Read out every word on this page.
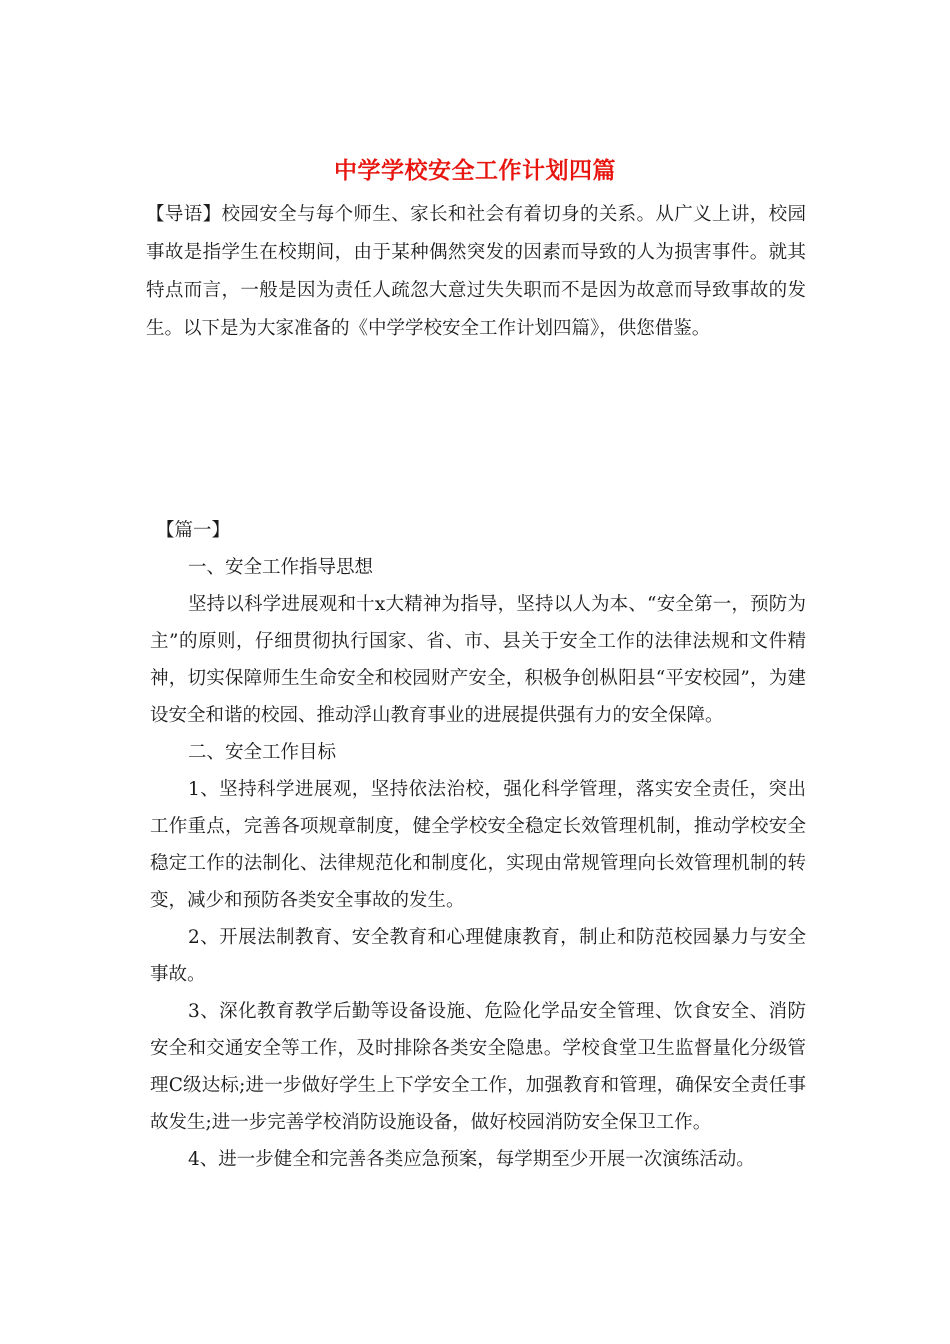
中学学校安全工作计划四篇

【导语】校园安全与每个师生、家长和社会有着切身的关系。从广义上讲，校园事故是指学生在校期间，由于某种偶然突发的因素而导致的人为损害事件。就其特点而言，一般是因为责任人疏忽大意过失失职而不是因为故意而导致事故的发生。以下是为大家准备的《中学学校安全工作计划四篇》，供您借鉴。

【篇一】

一、安全工作指导思想

坚持以科学进展观和十x大精神为指导，坚持以人为本、“安全第一，预防为主”的原则，仔细贯彻执行国家、省、市、县关于安全工作的法律法规和文件精神，切实保障师生生命安全和校园财产安全，积极争创枞阳县“平安校园”，为建设安全和谐的校园、推动浮山教育事业的进展提供强有力的安全保障。

二、安全工作目标

1、坚持科学进展观，坚持依法治校，强化科学管理，落实安全责任，突出工作重点，完善各项规章制度，健全学校安全稳定长效管理机制，推动学校安全稳定工作的法制化、法律规范化和制度化，实现由常规管理向长效管理机制的转变，减少和预防各类安全事故的发生。

2、开展法制教育、安全教育和心理健康教育，制止和防范校园暴力与安全事故。

3、深化教育教学后勤等设备设施、危险化学品安全管理、饮食安全、消防安全和交通安全等工作，及时排除各类安全隐患。学校食堂卫生监督量化分级管理C级达标;进一步做好学生上下学安全工作，加强教育和管理，确保安全责任事故发生;进一步完善学校消防设施设备，做好校园消防安全保卫工作。

4、进一步健全和完善各类应急预案，每学期至少开展一次演练活动。
